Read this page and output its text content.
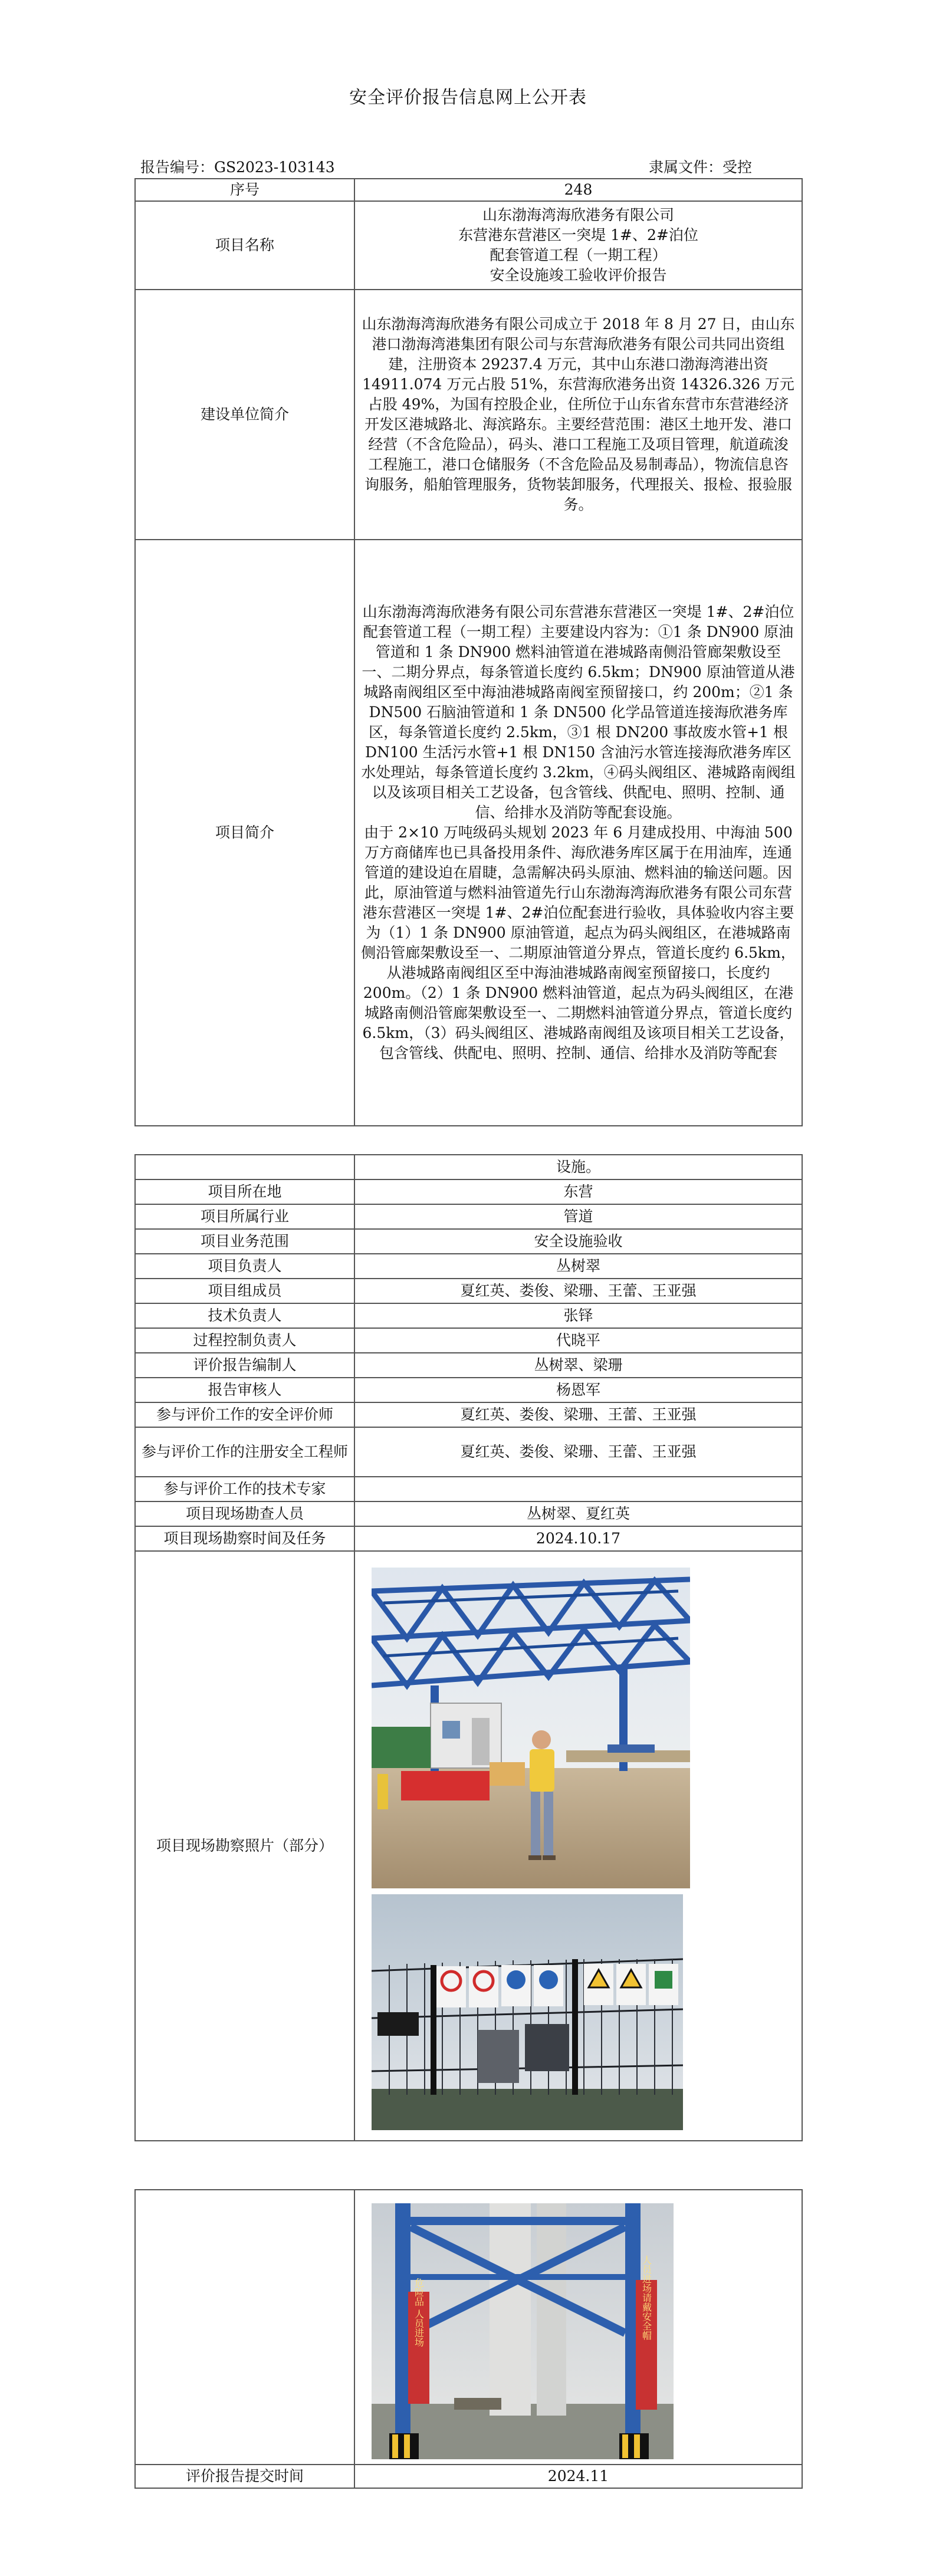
安全评价报告信息网上公开表
报告编号：GS2023-103143	隶属文件：受控
序号	248
项目名称	山东渤海湾海欣港务有限公司
东营港东营港区一突堤 1#、2#泊位
配套管道工程（一期工程）
安全设施竣工验收评价报告

建设单位简介	山东渤海湾海欣港务有限公司成立于 2018 年 8 月 27 日，由山东港口渤海湾港集团有限公司与东营海欣港务有限公司共同出资组建，注册资本 29237.4 万元，其中山东港口渤海湾港出资 14911.074 万元占股 51%，东营海欣港务出资 14326.326 万元占股 49%，为国有控股企业，住所位于山东省东营市东营港经济开发区港城路北、海滨路东。主要经营范围：港区土地开发、港口经营（不含危险品），码头、港口工程施工及项目管理，航道疏浚工程施工，港口仓储服务（不含危险品及易制毒品），物流信息咨询服务，船舶管理服务，货物装卸服务，代理报关、报检、报验服务。
项目简介	山东渤海湾海欣港务有限公司东营港东营港区一突堤 1#、2#泊位配套管道工程（一期工程）主要建设内容为：①1 条 DN900 原油管道和 1 条 DN900 燃料油管道在港城路南侧沿管廊架敷设至一、二期分界点，每条管道长度约 6.5km；DN900 原油管道从港城路南阀组区至中海油港城路南阀室预留接口，约 200m；②1 条 DN500 石脑油管道和 1 条 DN500 化学品管道连接海欣港务库区，每条管道长度约 2.5km，③1 根 DN200 事故废水管+1 根 DN100 生活污水管+1 根 DN150 含油污水管连接海欣港务库区水处理站，每条管道长度约 3.2km，④码头阀组区、港城路南阀组以及该项目相关工艺设备，包含管线、供配电、照明、控制、通信、给排水及消防等配套设施。
由于 2×10 万吨级码头规划 2023 年 6 月建成投用、中海油 500 万方商储库也已具备投用条件、海欣港务库区属于在用油库，连通管道的建设迫在眉睫，急需解决码头原油、燃料油的输送问题。因此，原油管道与燃料油管道先行山东渤海湾海欣港务有限公司东营港东营港区一突堤 1#、2#泊位配套进行验收，具体验收内容主要为（1）1 条 DN900 原油管道，起点为码头阀组区，在港城路南侧沿管廊架敷设至一、二期原油管道分界点，管道长度约 6.5km，从港城路南阀组区至中海油港城路南阀室预留接口，长度约 200m。（2）1 条 DN900 燃料油管道，起点为码头阀组区，在港城路南侧沿管廊架敷设至一、二期燃料油管道分界点，管道长度约 6.5km，（3）码头阀组区、港城路南阀组及该项目相关工艺设备，包含管线、供配电、照明、控制、通信、给排水及消防等配套
	设施。
项目所在地	东营
项目所属行业	管道
项目业务范围	安全设施验收
项目负责人	丛树翠
项目组成员	夏红英、娄俊、梁珊、王蕾、王亚强
技术负责人	张铎
过程控制负责人	代晓平
评价报告编制人	丛树翠、梁珊
报告审核人	杨恩军
参与评价工作的安全评价师	夏红英、娄俊、梁珊、王蕾、王亚强
参与评价工作的注册安全工程师	夏红英、娄俊、梁珊、王蕾、王亚强
参与评价工作的技术专家	
项目现场勘查人员	丛树翠、夏红英
项目现场勘察时间及任务	2024.10.17
项目现场勘察照片（部分）	

危险品 人员进场 人员进场请戴安全帽

评价报告提交时间	2024.11
